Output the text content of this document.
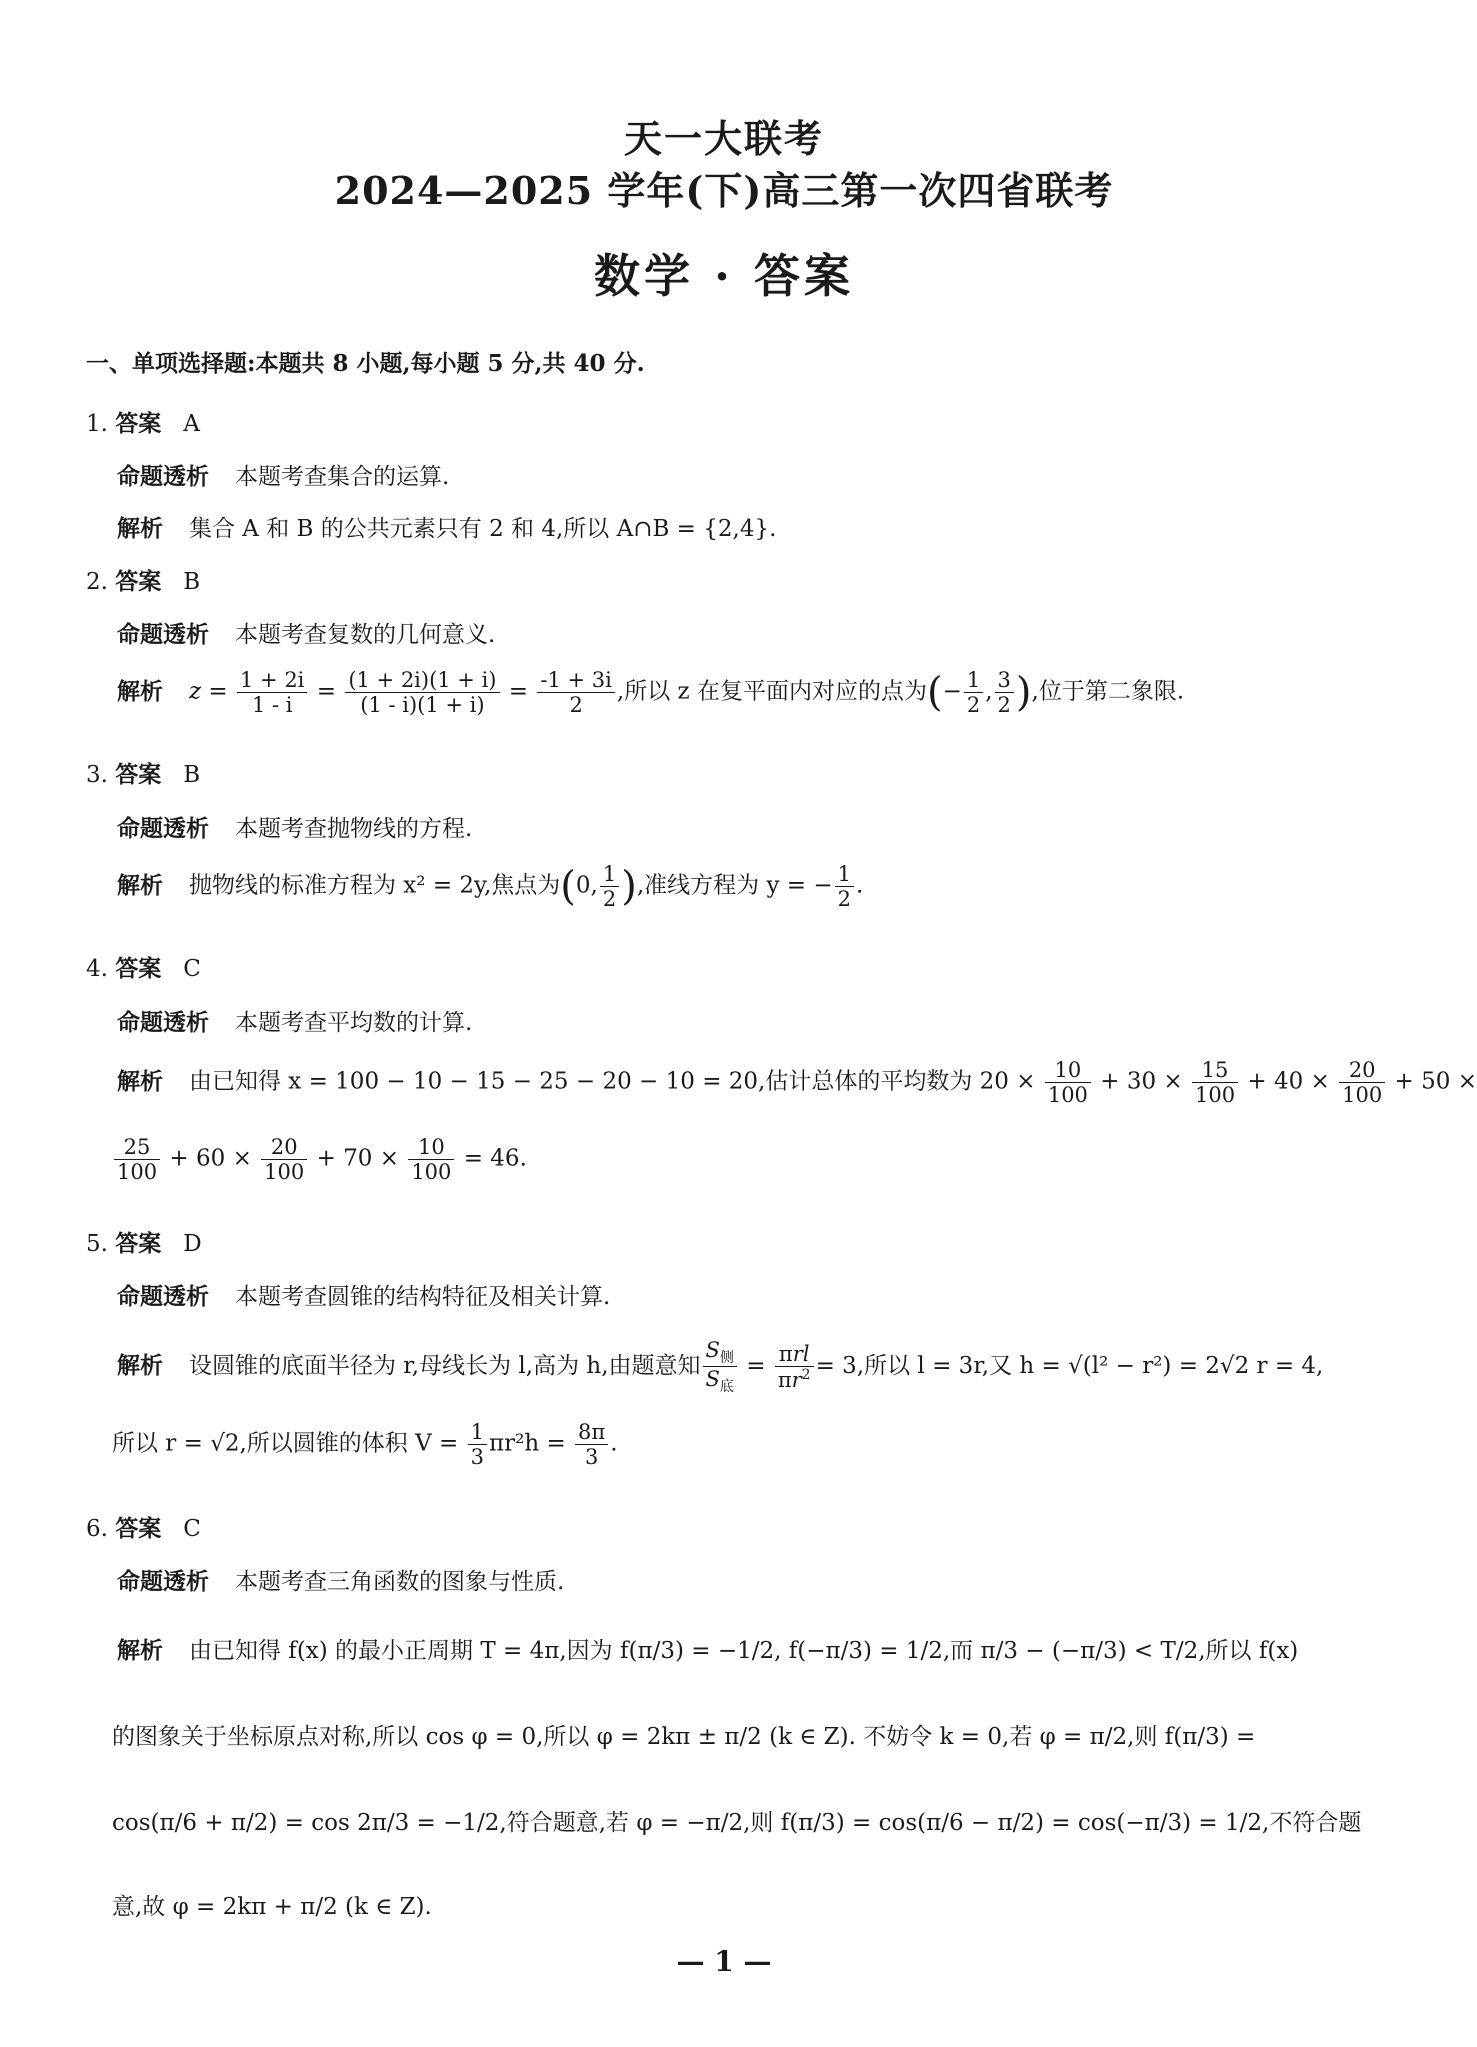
天一大联考
2024—2025 学年(下)高三第一次四省联考
数学 · 答案
一、单项选择题:本题共 8 小题,每小题 5 分,共 40 分.
1. 答案 A
命题透析 本题考查集合的运算.
解析 集合 A 和 B 的公共元素只有 2 和 4,所以 A∩B = {2,4}.
2. 答案 B
命题透析 本题考查复数的几何意义.
解析 $z = \frac{1 + 2i}{1 - i} = \frac{(1 + 2i)(1 + i)}{(1 - i)(1 + i)} = \frac{-1 + 3i}{2}$ ,所以 z 在复平面内对应的点为(− $\frac{1}{2}$ , $\frac{3}{2}$ ),位于第二象限.
3. 答案 B
命题透析 本题考查抛物线的方程.
解析 抛物线的标准方程为 x² = 2y,焦点为(0, $\frac{1}{2}$ ),准线方程为 y = − $\frac{1}{2}$ .
4. 答案 C
命题透析 本题考查平均数的计算.
解析 由已知得 x = 100 − 10 − 15 − 25 − 20 − 10 = 20,估计总体的平均数为 $20 \times \frac{10}{100} + 30 \times \frac{15}{100} + 40 \times \frac{20}{100} + 50$ ×
$\frac{25}{100} + 60 \times \frac{20}{100} + 70 \times \frac{10}{100} = 46$.
5. 答案 D
命题透析 本题考查圆锥的结构特征及相关计算.
解析 设圆锥的底面半径为 r,母线长为 l,高为 h,由题意知 $\frac{S_侧}{S_底} = \frac{\text{πrl}}{\pi r^2} = 3$,所以 l = 3r,又 h = √(l² − r²) = 2√2 r = 4,
所以 r = √2,所以圆锥的体积 $V = \frac{1}{3} \pi r^2h = \frac{8\pi}{3}$ .
6. 答案 C
命题透析 本题考查三角函数的图象与性质.
解析 由已知得 f(x) 的最小正周期 T = 4π,因为 f(π/3) = −1/2, f(−π/3) = 1/2,而 π/3 − (−π/3) < T/2,所以 f(x)
的图象关于坐标原点对称,所以 cos φ = 0,所以 φ = 2kπ ± π/2 (k ∈ Z). 不妨令 k = 0,若 φ = π/2,则 f(π/3) =
cos(π/6 + π/2) = cos 2π/3 = −1/2,符合题意,若 φ = −π/2,则 f(π/3) = cos(π/6 − π/2) = cos(−π/3) = 1/2,不符合题
意,故 φ = 2kπ + π/2 (k ∈ Z).
— 1 —
